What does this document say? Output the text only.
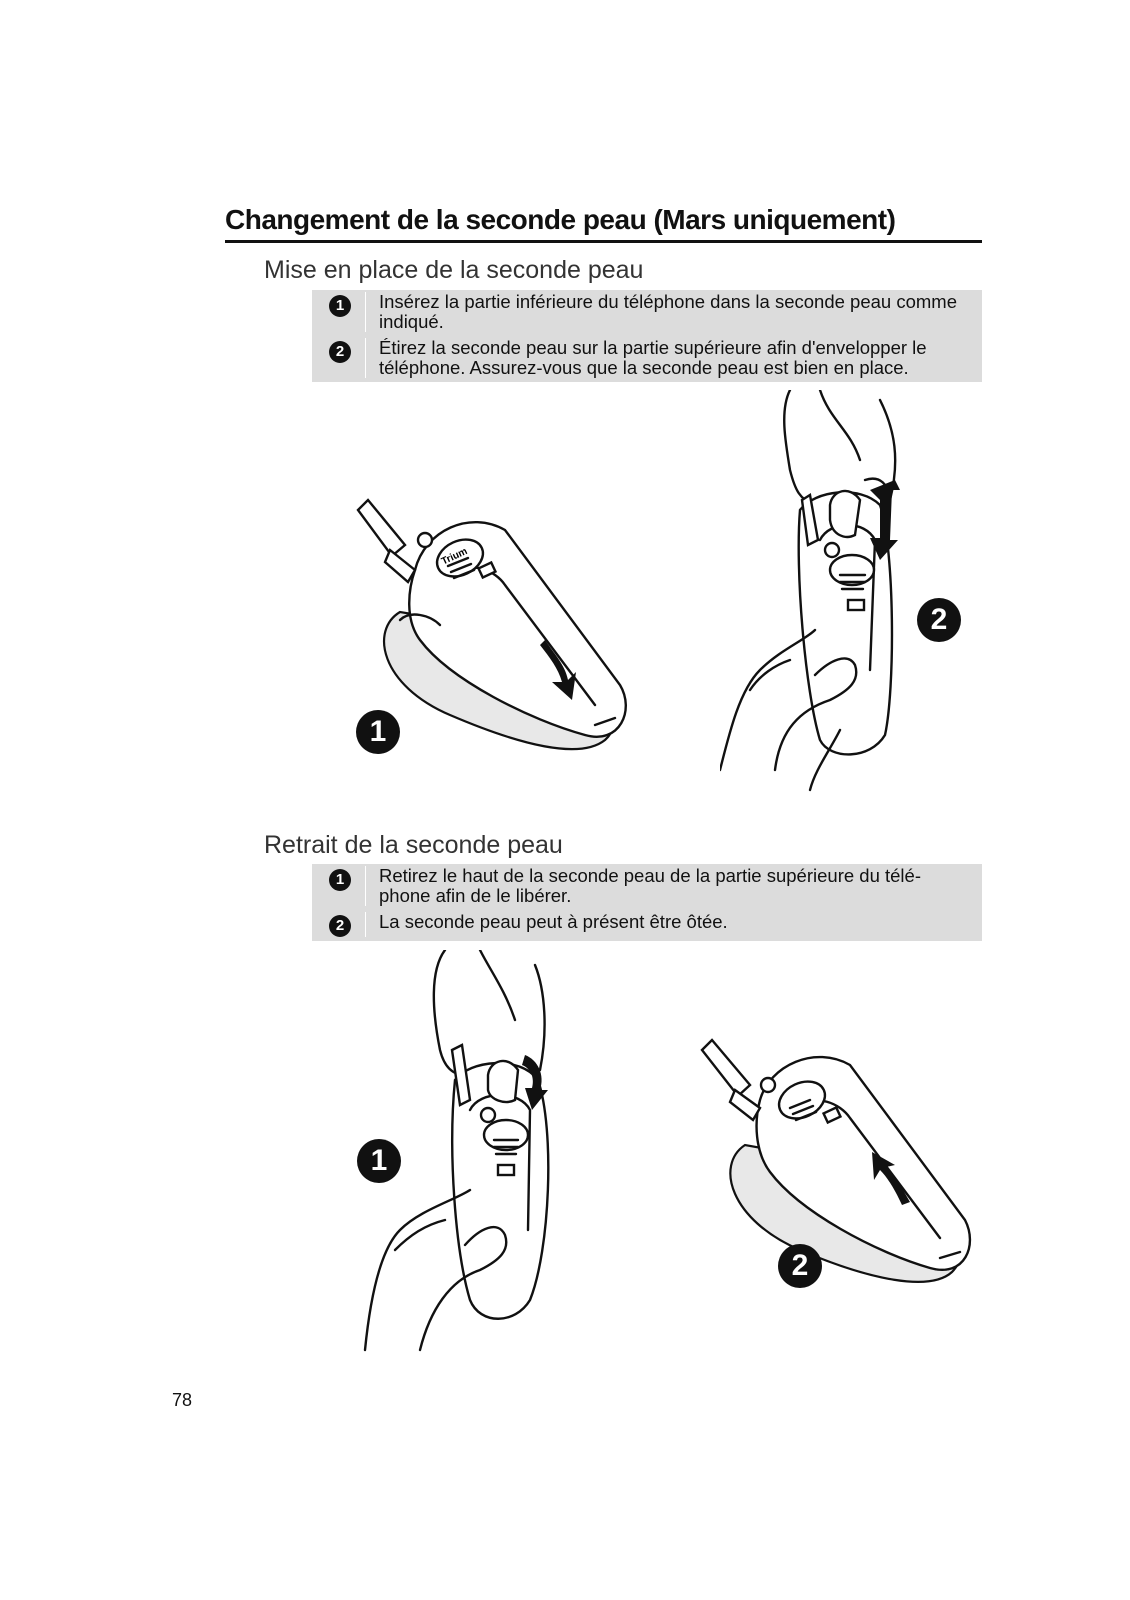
Changement de la seconde peau (Mars uniquement)
Mise en place de la seconde peau
1	Insérez la partie inférieure du téléphone dans la seconde peau comme indiqué.
2	Étirez la seconde peau sur la partie supérieure afin d'envelopper le téléphone. Assurez-vous que la seconde peau est bien en place.
Trium
1
2
Retrait de la seconde peau
1	Retirez le haut de la seconde peau de la partie supérieure du télé-phone afin de le libérer.
2	La seconde peau peut à présent être ôtée.
1
2
78
